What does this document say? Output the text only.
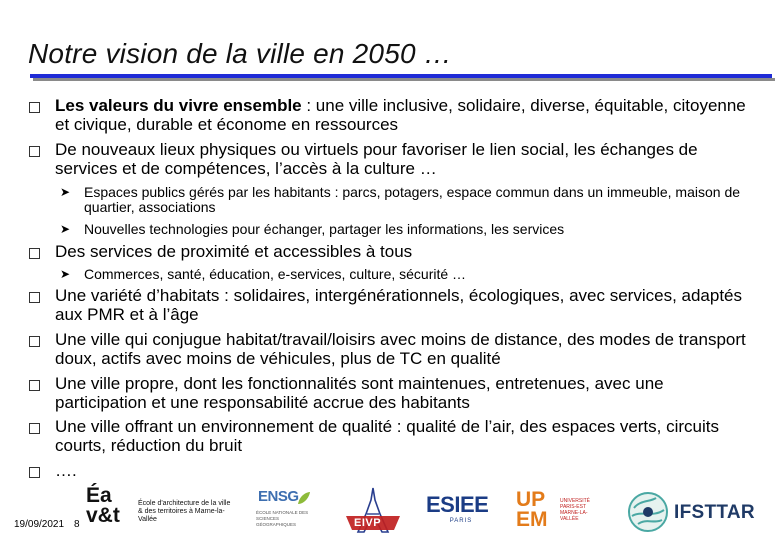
Notre vision de la ville en 2050 …
Les valeurs du vivre ensemble : une ville inclusive, solidaire, diverse, équitable, citoyenne et civique, durable et économe en ressources
De nouveaux lieux physiques ou virtuels pour favoriser le lien social, les échanges de services et de compétences, l’accès à la culture …
➤ Espaces publics gérés par les habitants : parcs, potagers, espace commun dans un immeuble, maison de quartier, associations
➤ Nouvelles technologies pour échanger, partager les informations, les services
Des services de proximité et accessibles à tous
➤ Commerces, santé, éducation, e-services, culture, sécurité …
Une variété d’habitats : solidaires, intergénérationnels, écologiques, avec services, adaptés aux PMR et à l’âge
Une ville qui conjugue habitat/travail/loisirs avec moins de distance, des modes de transport doux, actifs avec moins de véhicules, plus de TC en qualité
Une ville propre, dont les fonctionnalités sont maintenues, entretenues, avec une participation et une responsabilité accrue des habitants
Une ville offrant un environnement de qualité : qualité de l’air, des espaces verts, circuits courts, réduction du bruit
….
19/09/2021 8
Éa
v&t
École d'architecture de la ville & des territoires à Marne-la-Vallée
ENSG
ÉCOLE NATIONALE DES SCIENCES GÉOGRAPHIQUES	EIVP
ESIEE
PARIS
UP
EM
UNIVERSITÉ PARIS-EST MARNE-LA-VALLÉE	IFSTTAR
